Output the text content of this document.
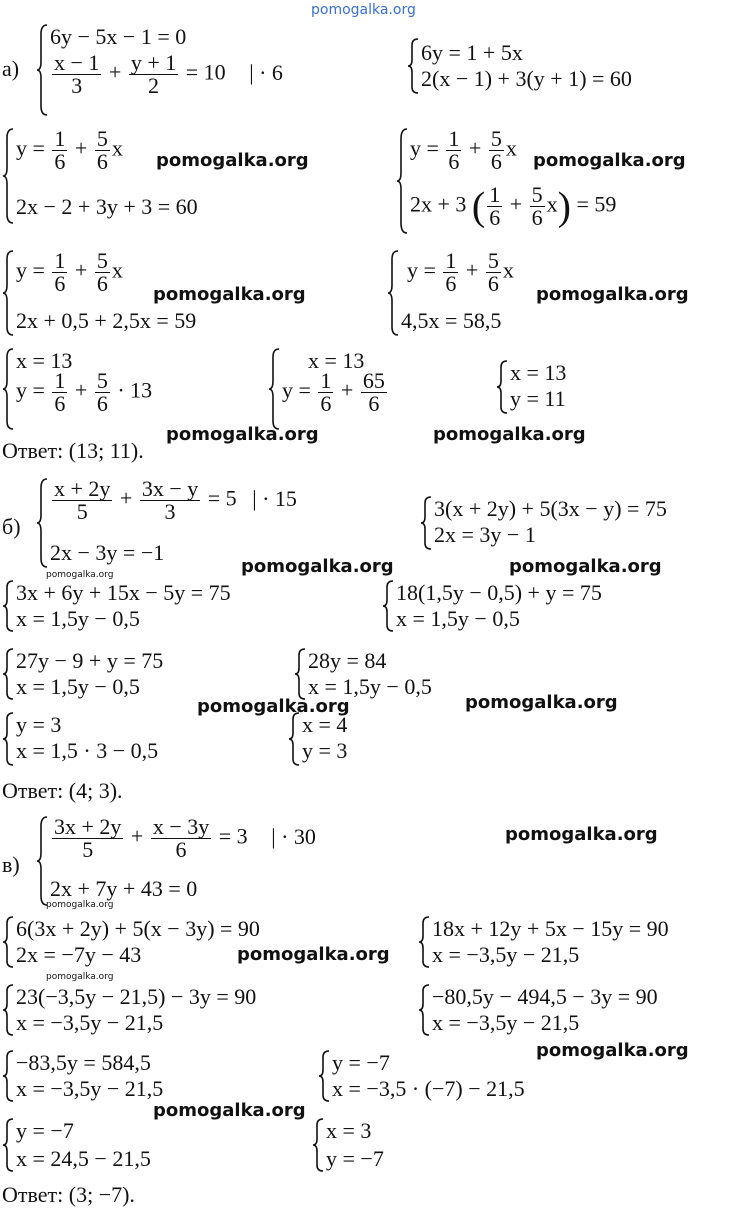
pomogalka.org
а)
6y − 5x − 1 = 0
$\frac{x - 1}{3} + \frac{y + 1}{2} = 10$ | · 6
6y = 1 + 5x
2(x − 1) + 3(y + 1) = 60
$y = \frac{1}{6} + \frac{5}{6}$ x
2x − 2 + 3y + 3 = 60
pomogalka.org	$y = \frac{1}{6} + \frac{5}{6}$ x
2x + 3 ( $\frac{1}{6} + \frac{5}{6} x) = 59$
pomogalka.org
$y = \frac{1}{6} + \frac{5}{6}$ x
2x + 0,5 + 2,5x = 59
pomogalka.org
$y = \frac{1}{6} + \frac{5}{6}$ x
4,5x = 58,5
pomogalka.org
x = 13
$y = \frac{1}{6} + \frac{5}{6} \cdot 13$
x = 13
$y = \frac{1}{6} + \frac{65}{6}$	x = 13
y = 11
pomogalka.org	pomogalka.org
Ответ: (13; 11).
б)
$\frac{x + 2y}{5} + \frac{3x - y}{3} = 5$ | · 15
2x − 3y = −1
3(x + 2y) + 5(3x − y) = 75
2x = 3y − 1
pomogalka.org	pomogalka.org	pomogalka.org
3x + 6y + 15x − 5y = 75
x = 1,5y − 0,5
18(1,5y − 0,5) + y = 75
x = 1,5y − 0,5
27y − 9 + y = 75
x = 1,5y − 0,5
28y = 84
x = 1,5y − 0,5
pomogalka.org	pomogalka.org
y = 3
x = 1,5 · 3 − 0,5
x = 4
y = 3
Ответ: (4; 3).
в)
$\frac{3x + 2y}{5} + \frac{x - 3y}{6} = 3$ | · 30
2x + 7y + 43 = 0
pomogalka.org
pomogalka.org
6(3x + 2y) + 5(x − 3y) = 90
2x = −7y − 43	pomogalka.org
18x + 12y + 5x − 15y = 90
x = −3,5y − 21,5
pomogalka.org
23(−3,5y − 21,5) − 3y = 90
x = −3,5y − 21,5
−80,5y − 494,5 − 3y = 90
x = −3,5y − 21,5
pomogalka.org
−83,5y = 584,5
x = −3,5y − 21,5
y = −7
x = −3,5 · (−7) − 21,5
pomogalka.org
y = −7
x = 24,5 − 21,5
x = 3
y = −7
Ответ: (3; −7).
